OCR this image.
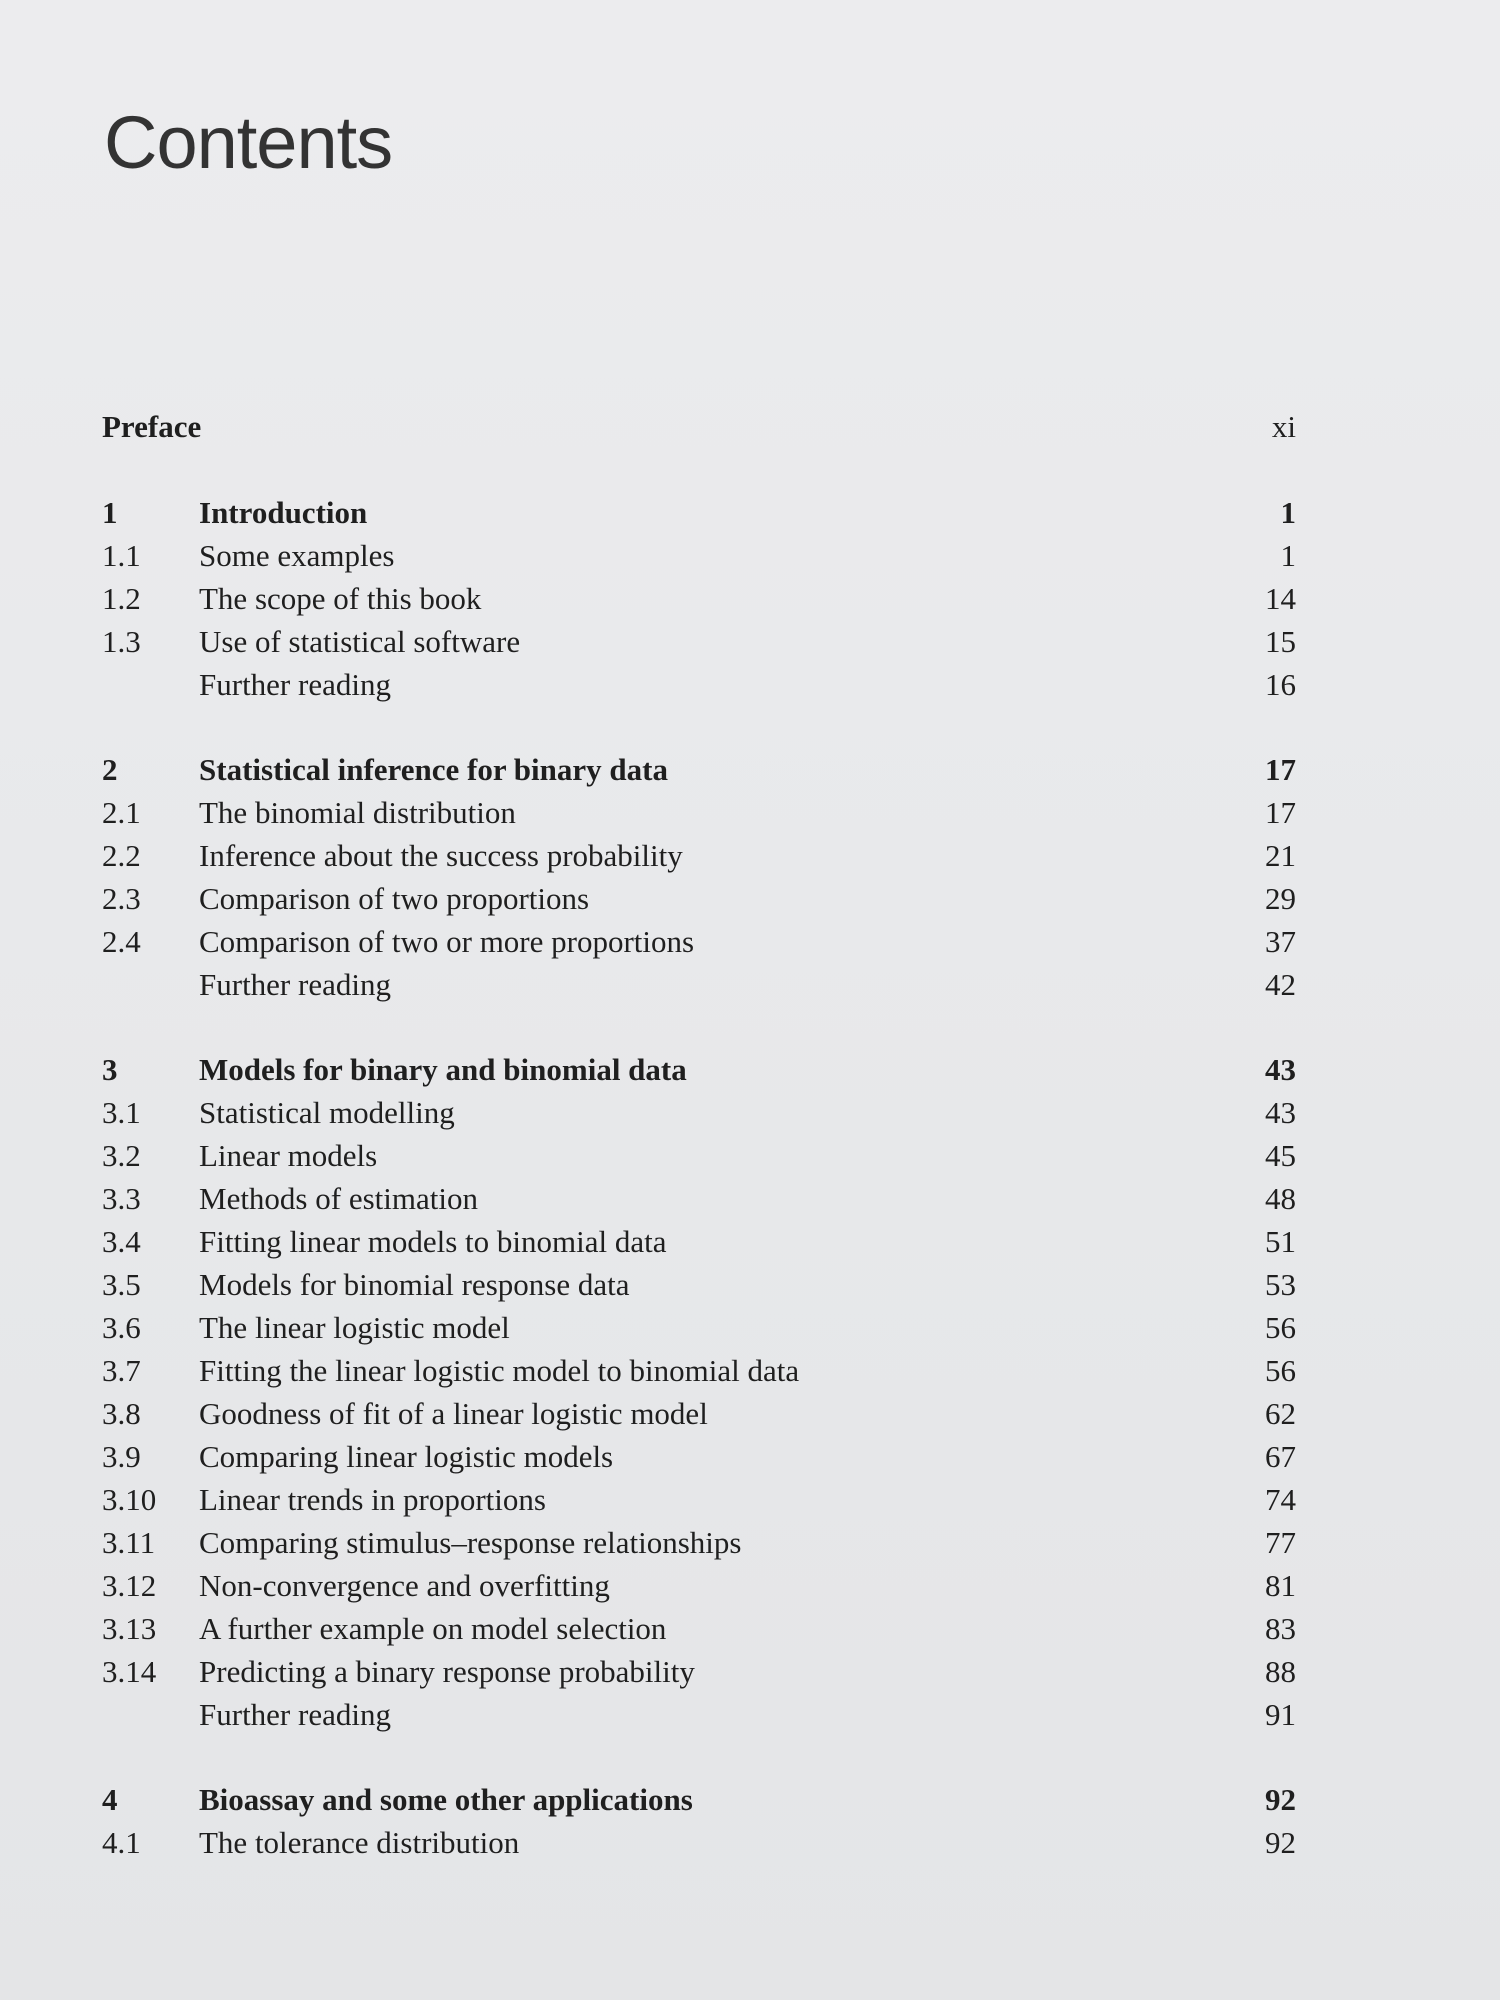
Contents
Preface	xi
1	Introduction	1
1.1 Some examples	1
1.2 The scope of this book	14
1.3 Use of statistical software	15
Further reading	16
2	Statistical inference for binary data	17
2.1 The binomial distribution	17
2.2 Inference about the success probability	21
2.3 Comparison of two proportions	29
2.4 Comparison of two or more proportions	37
Further reading	42
3	Models for binary and binomial data	43
3.1 Statistical modelling	43
3.2 Linear models	45
3.3 Methods of estimation	48
3.4 Fitting linear models to binomial data	51
3.5 Models for binomial response data	53
3.6 The linear logistic model	56
3.7 Fitting the linear logistic model to binomial data	56
3.8 Goodness of fit of a linear logistic model	62
3.9 Comparing linear logistic models	67
3.10 Linear trends in proportions	74
3.11 Comparing stimulus–response relationships	77
3.12 Non-convergence and overfitting	81
3.13 A further example on model selection	83
3.14 Predicting a binary response probability	88
Further reading	91
4	Bioassay and some other applications	92
4.1 The tolerance distribution	92
